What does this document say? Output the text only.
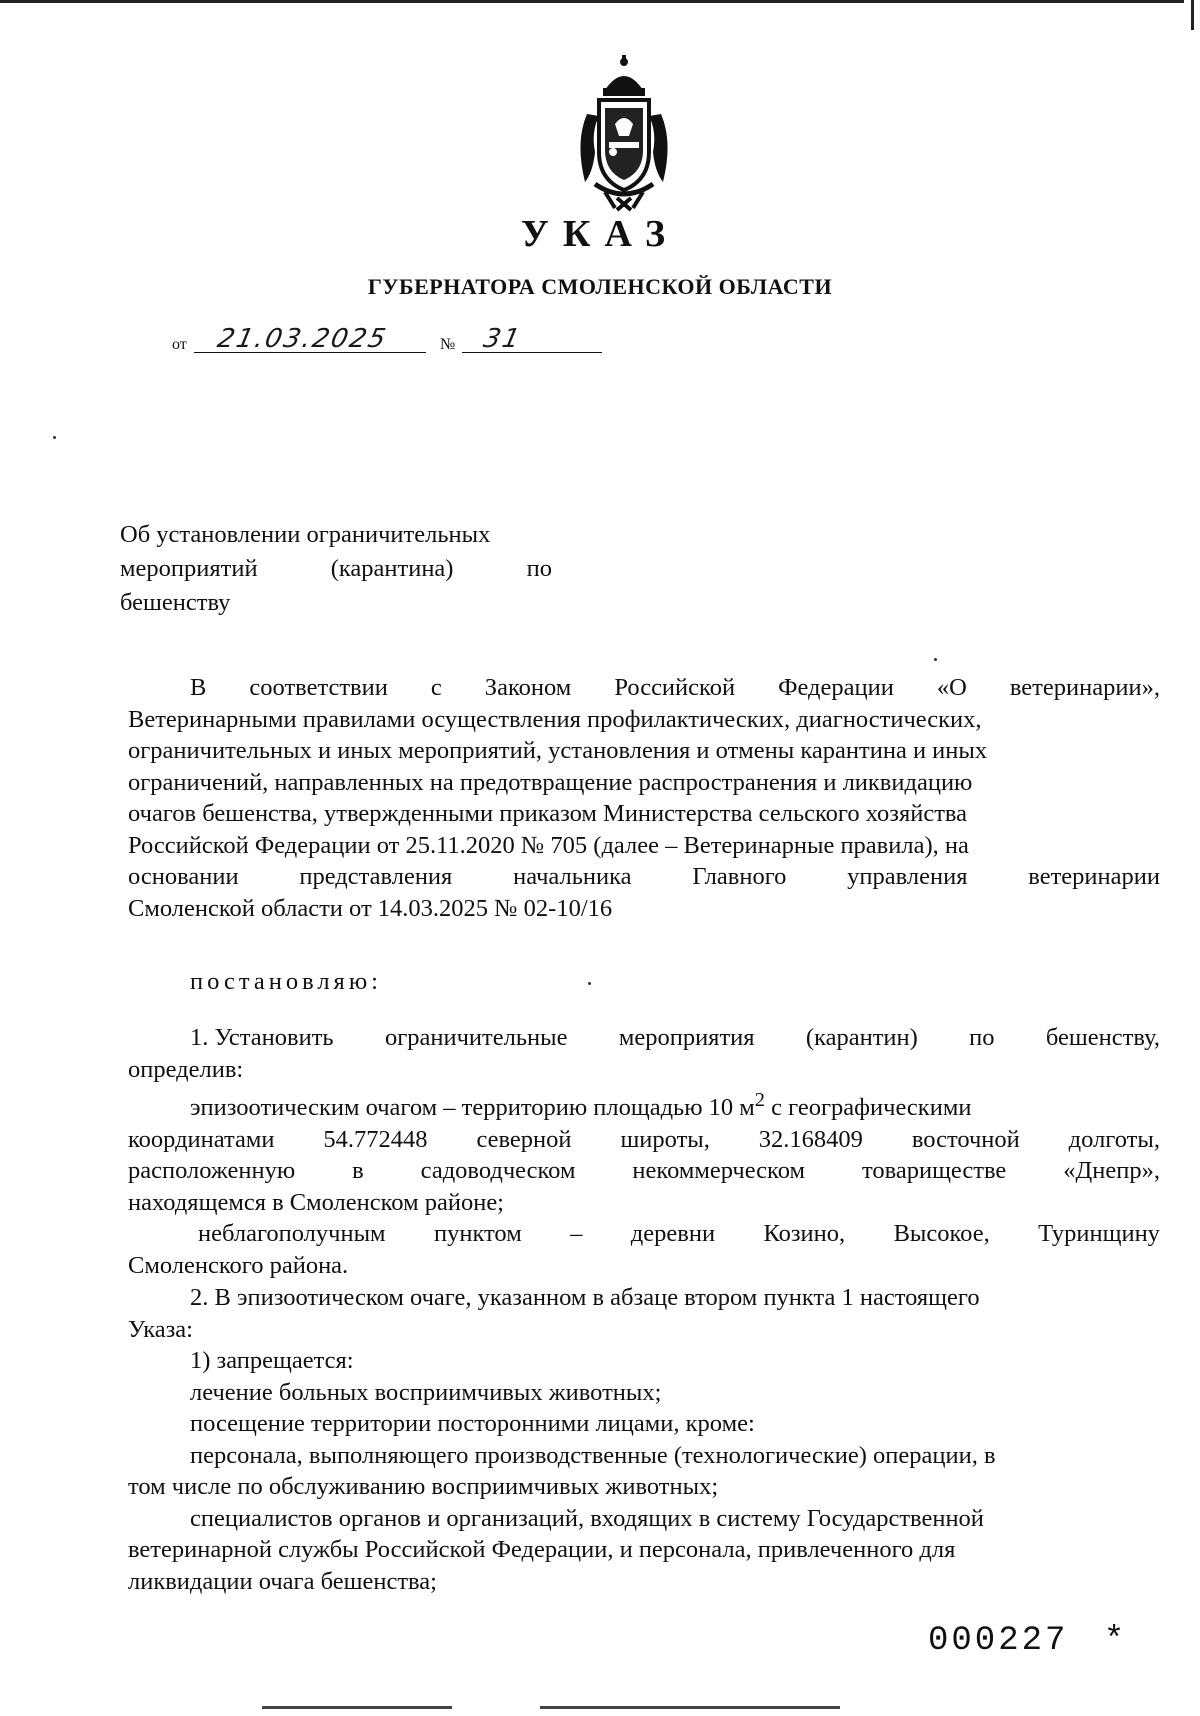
УКАЗ
ГУБЕРНАТОРА СМОЛЕНСКОЙ ОБЛАСТИ
от	21.03.2025	№ 31
Об установлении ограничительных
мероприятий	(карантина)	по
бешенству
В соответствии с Законом Российской Федерации «О ветеринарии»,
Ветеринарными правилами осуществления профилактических, диагностических,
ограничительных и иных мероприятий, установления и отмены карантина и иных
ограничений, направленных на предотвращение распространения и ликвидацию
очагов бешенства, утвержденными приказом Министерства сельского хозяйства
Российской Федерации от 25.11.2020 № 705 (далее – Ветеринарные правила), на
основании представления начальника Главного управления ветеринарии
Смоленской области от 14.03.2025 № 02-10/16
постановляю:
1. Установить ограничительные мероприятия (карантин) по бешенству,
определив:
эпизоотическим очагом – территорию площадью 10 $м^2$ с географическими
координатами 54.772448 северной широты, 32.168409 восточной долготы,
расположенную в садоводческом некоммерческом товариществе «Днепр»,
находящемся в Смоленском районе;
неблагополучным пунктом – деревни Козино, Высокое, Туринщину
Смоленского района.
2. В эпизоотическом очаге, указанном в абзаце втором пункта 1 настоящего
Указа:
1) запрещается:
лечение больных восприимчивых животных;
посещение территории посторонними лицами, кроме:
персонала, выполняющего производственные (технологические) операции, в
том числе по обслуживанию восприимчивых животных;
специалистов органов и организаций, входящих в систему Государственной
ветеринарной службы Российской Федерации, и персонала, привлеченного для
ликвидации очага бешенства;
000227 *
